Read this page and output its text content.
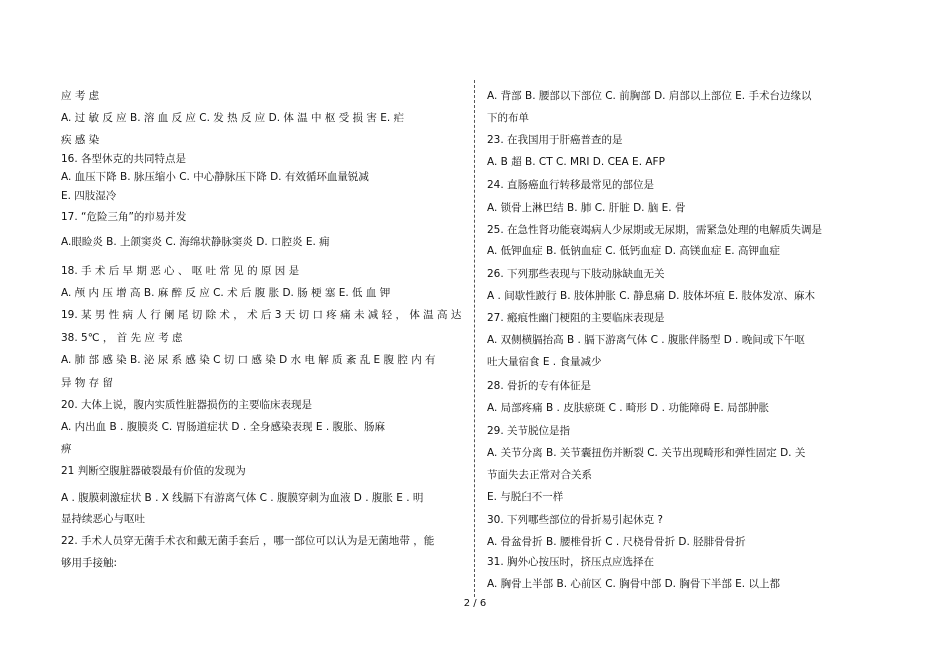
应 考 虑
A. 过 敏 反 应 B. 溶 血 反 应 C. 发 热 反 应 D. 体 温 中 枢 受 损 害 E. 疟
疾 感 染
16. 各型休克的共同特点是
A. 血压下降 B. 脉压缩小 C. 中心静脉压下降 D. 有效循环血量锐减
E. 四肢湿冷
17. “危险三角”的疖易并发
A.眼睑炎 B. 上颌窦炎 C. 海绵状静脉窦炎 D. 口腔炎 E. 痈
18. 手 术 后 早 期 恶 心 、 呕 吐 常 见 的 原 因 是
A. 颅 内 压 增 高 B. 麻 醉 反 应 C. 术 后 腹 胀 D. 肠 梗 塞 E. 低 血 钾
19. 某 男 性 病 人 行 阑 尾 切 除 术 ， 术 后 3 天 切 口 疼 痛 未 减 轻 ， 体 温 高 达
38. 5℃ ， 首 先 应 考 虑
A. 肺 部 感 染 B. 泌 尿 系 感 染 C 切 口 感 染 D 水 电 解 质 紊 乱 E 腹 腔 内 有
异 物 存 留
20. 大体上说，腹内实质性脏器损伤的主要临床表现是
A. 内出血 B . 腹膜炎 C. 胃肠道症状 D . 全身感染表现 E . 腹胀、肠麻
痹
21 判断空腹脏器破裂最有价值的发现为
A . 腹膜刺激症状 B . X 线膈下有游离气体 C . 腹膜穿刺为血液 D . 腹胀 E . 明
显持续恶心与呕吐
22. 手术人员穿无菌手术衣和戴无菌手套后 ，哪一部位可以认为是无菌地带 ，能
够用手接触:
A. 背部 B. 腰部以下部位 C. 前胸部 D. 肩部以上部位 E. 手术台边缘以
下的布单
23. 在我国用于肝癌普查的是
A. B 超 B. CT C. MRI D. CEA E. AFP
24. 直肠癌血行转移最常见的部位是
A. 锁骨上淋巴结 B. 肺 C. 肝脏 D. 脑 E. 骨
25. 在急性肾功能衰竭病人少尿期或无尿期，需紧急处理的电解质失调是
A. 低钾血症 B. 低钠血症 C. 低钙血症 D. 高镁血症 E. 高钾血症
26. 下列那些表现与下肢动脉缺血无关
A . 间歇性跛行 B. 肢体肿胀 C. 静息痛 D. 肢体坏疽 E. 肢体发凉、麻木
27. 瘢痕性幽门梗阻的主要临床表现是
A. 双侧横膈抬高 B . 膈下游离气体 C . 腹胀伴肠型 D . 晚间或下午呕
吐大量宿食 E . 食量减少
28. 骨折的专有体征是
A. 局部疼痛 B . 皮肤瘀斑 C . 畸形 D . 功能障碍 E. 局部肿胀
29. 关节脱位是指
A. 关节分离 B. 关节囊扭伤并断裂 C. 关节出现畸形和弹性固定 D. 关
节面失去正常对合关系
E. 与脱臼不一样
30. 下列哪些部位的骨折易引起休克 ?
A. 骨盆骨折 B. 腰椎骨折 C . 尺桡骨骨折 D. 胫腓骨骨折
31. 胸外心按压时，挤压点应选择在
A. 胸骨上半部 B. 心前区 C. 胸骨中部 D. 胸骨下半部 E. 以上都
2 / 6
